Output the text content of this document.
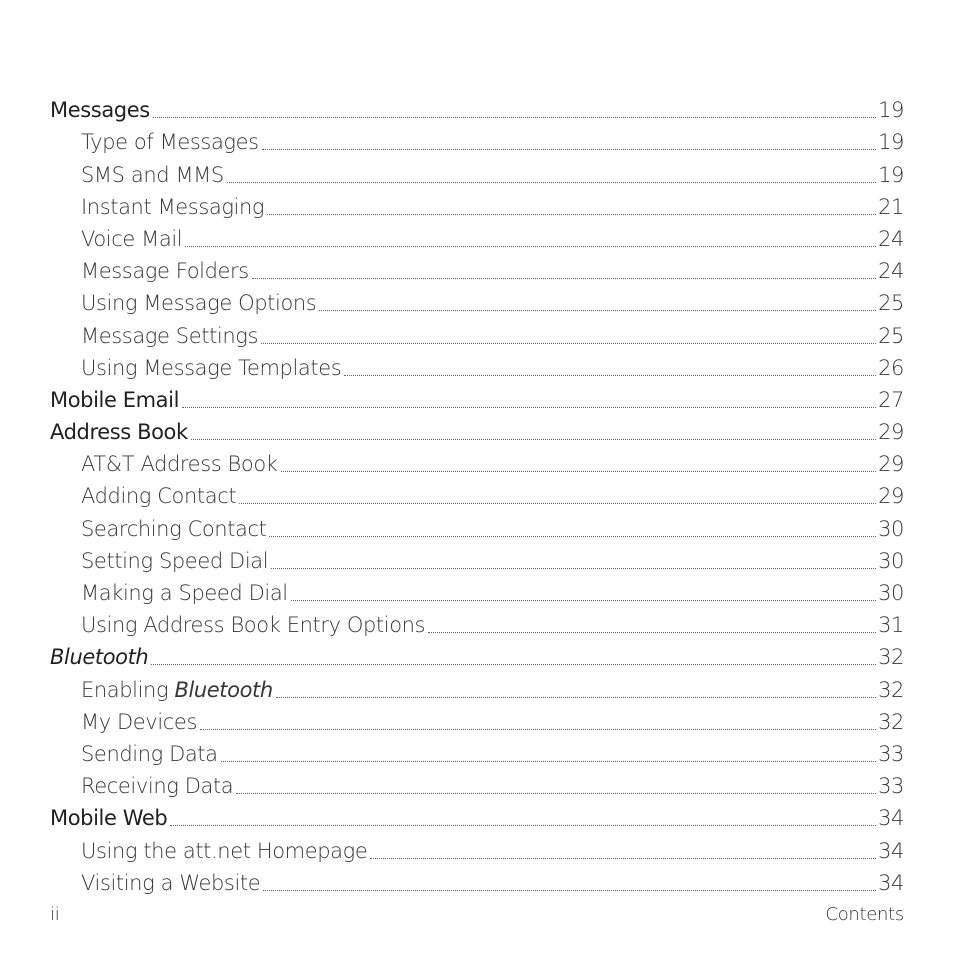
Messages	19
Type of Messages	19
SMS and MMS	19
Instant Messaging	21
Voice Mail	24
Message Folders	24
Using Message Options	25
Message Settings	25
Using Message Templates	26
Mobile Email	27
Address Book	29
AT&T Address Book	29
Adding Contact	29
Searching Contact	30
Setting Speed Dial	30
Making a Speed Dial	30
Using Address Book Entry Options	31
Bluetooth	32
Enabling Bluetooth	32
My Devices	32
Sending Data	33
Receiving Data	33
Mobile Web	34
Using the att.net Homepage	34
Visiting a Website	34
ii	Contents
